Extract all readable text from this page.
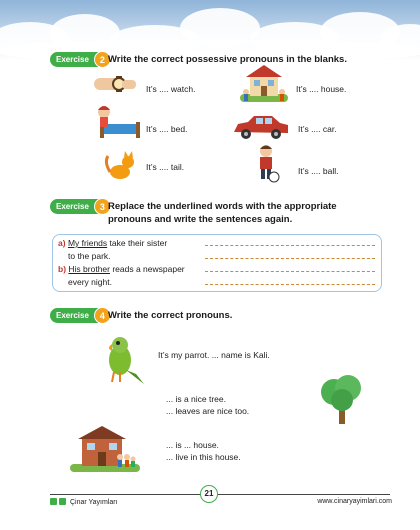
Exercise	2 Write the correct possessive pronouns in the blanks.
It’s .... watch.	It’s .... house.
It’s .... bed.	It’s .... car.
It’s .... tail.	It’s .... ball.
Exercise	3 Replace the underlined words with the appropriate
pronouns and write the sentences again.
a) My friends take their sister
to the park.
b) His brother reads a newspaper
every night.
Exercise	4 Write the correct pronouns.
It’s my parrot. ... name is Kali.
... is a nice tree.
... leaves are nice too.
... is ... house.
... live in this house.
21
Çinar Yayımları	www.cinaryayimlari.com
